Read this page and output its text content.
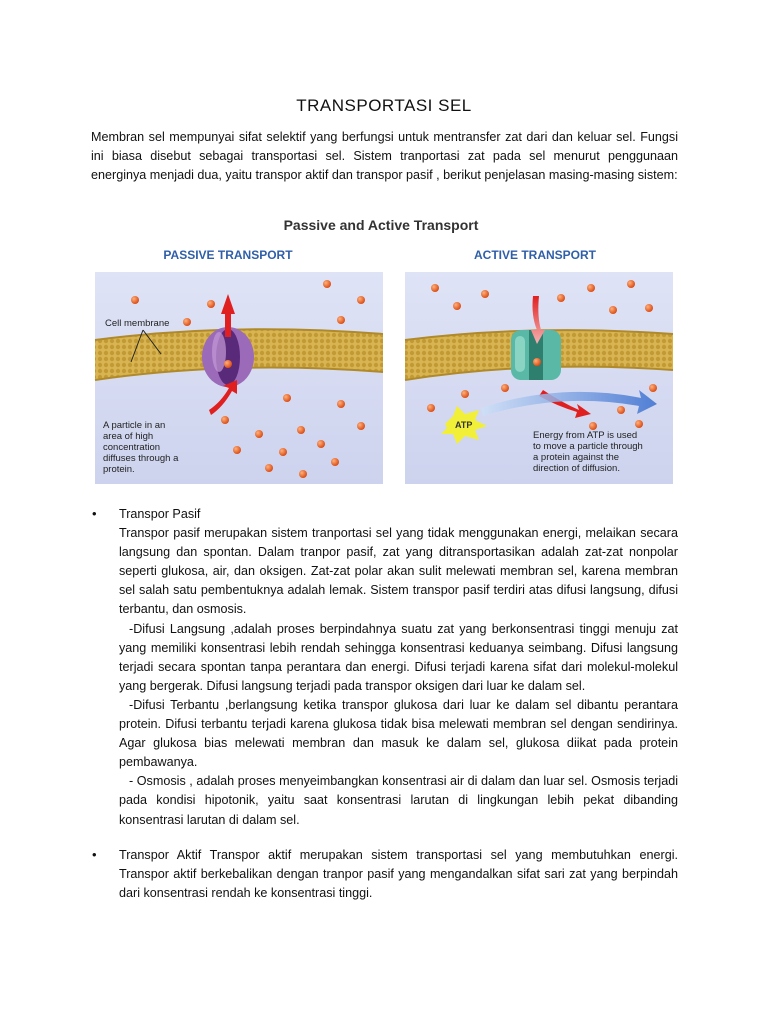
TRANSPORTASI SEL
Membran sel mempunyai sifat selektif yang berfungsi untuk mentransfer zat dari dan keluar sel. Fungsi ini biasa disebut sebagai transportasi sel. Sistem tranportasi zat pada sel menurut penggunaan energinya menjadi dua, yaitu transpor aktif dan transpor pasif , berikut penjelasan masing-masing sistem:
Passive and Active Transport
PASSIVE TRANSPORT
Cell membrane
A particle in an
area of high
concentration
diffuses through a
protein.
ACTIVE TRANSPORT
ATP
Energy from ATP is used
to move a particle through
a protein against the
direction of diffusion.
• Transpor Pasif

Transpor pasif merupakan sistem tranportasi sel yang tidak menggunakan energi, melaikan secara langsung dan spontan. Dalam tranpor pasif, zat yang ditransportasikan adalah zat-zat nonpolar seperti glukosa, air, dan oksigen. Zat-zat polar akan sulit melewati membran sel, karena membran sel salah satu pembentuknya adalah lemak. Sistem transpor pasif terdiri atas difusi langsung, difusi terbantu, dan osmosis.

-Difusi Langsung ,adalah proses berpindahnya suatu zat yang berkonsentrasi tinggi menuju zat yang memiliki konsentrasi lebih rendah sehingga konsentrasi keduanya seimbang. Difusi langsung terjadi secara spontan tanpa perantara dan energi. Difusi terjadi karena sifat dari molekul-molekul yang bergerak. Difusi langsung terjadi pada transpor oksigen dari luar ke dalam sel.

-Difusi Terbantu ,berlangsung ketika transpor glukosa dari luar ke dalam sel dibantu perantara protein. Difusi terbantu terjadi karena glukosa tidak bisa melewati membran sel dengan sendirinya. Agar glukosa bias melewati membran dan masuk ke dalam sel, glukosa diikat pada protein pembawanya.

- Osmosis , adalah proses menyeimbangkan konsentrasi air di dalam dan luar sel. Osmosis terjadi pada kondisi hipotonik, yaitu saat konsentrasi larutan di lingkungan lebih pekat dibanding konsentrasi larutan di dalam sel.

• Transpor Aktif Transpor aktif merupakan sistem transportasi sel yang membutuhkan energi. Transpor aktif berkebalikan dengan tranpor pasif yang mengandalkan sifat sari zat yang berpindah dari konsentrasi rendah ke konsentrasi tinggi.
